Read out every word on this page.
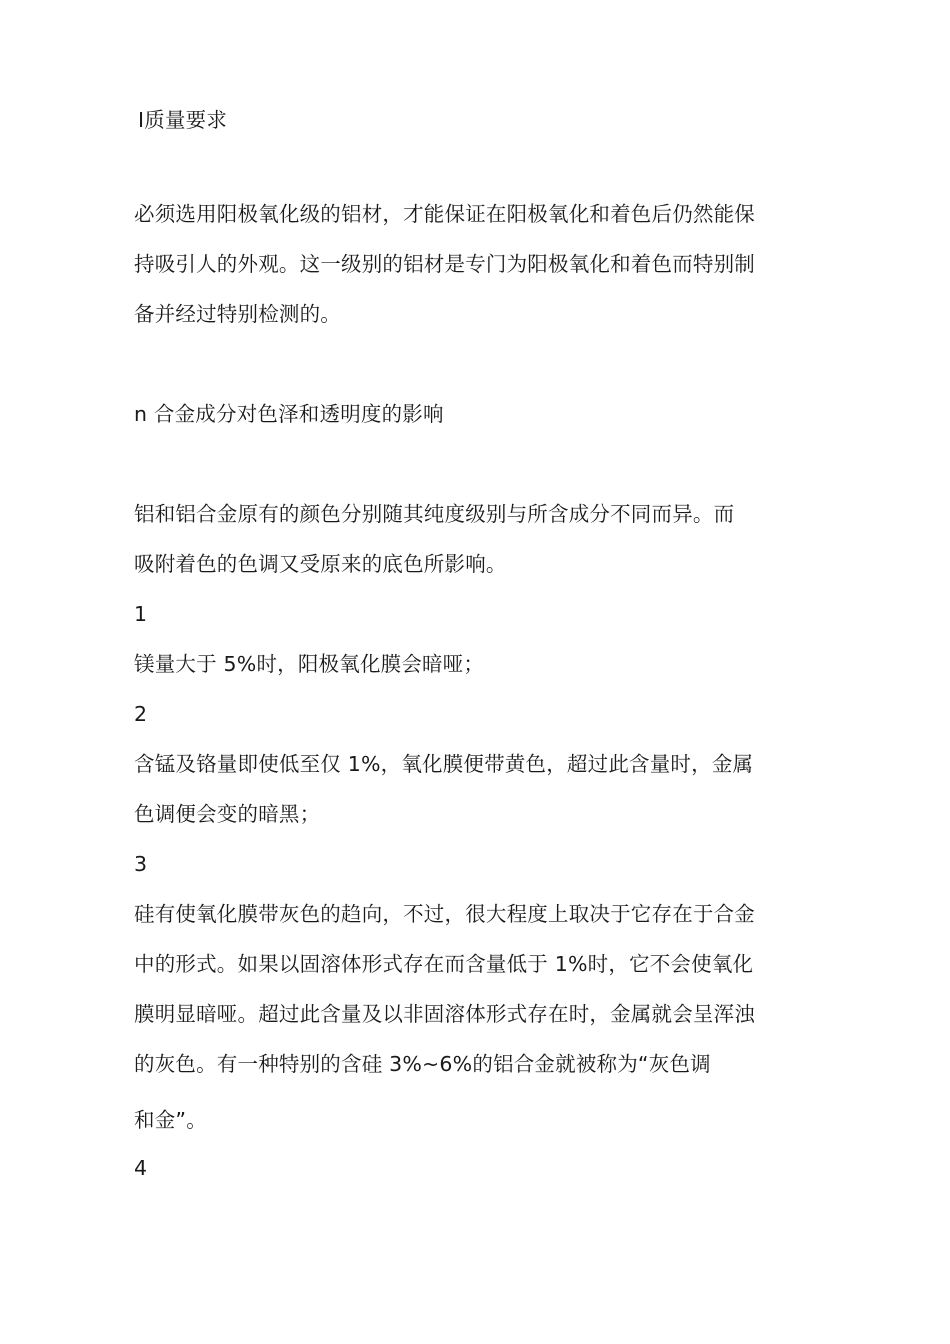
Ⅰ质量要求
必须选用阳极氧化级的铝材，才能保证在阳极氧化和着色后仍然能保
持吸引人的外观。这一级别的铝材是专门为阳极氧化和着色而特别制
备并经过特别检测的。
n 合金成分对色泽和透明度的影响
铝和铝合金原有的颜色分别随其纯度级别与所含成分不同而异。而
吸附着色的色调又受原来的底色所影响。
1
镁量大于 5%时，阳极氧化膜会暗哑；
2
含锰及铬量即使低至仅 1%，氧化膜便带黄色，超过此含量时，金属
色调便会变的暗黑；
3
硅有使氧化膜带灰色的趋向，不过，很大程度上取决于它存在于合金
中的形式。如果以固溶体形式存在而含量低于 1%时，它不会使氧化
膜明显暗哑。超过此含量及以非固溶体形式存在时，金属就会呈浑浊
的灰色。有一种特别的含硅 3%~6%的铝合金就被称为“灰色调
和金”。
4
